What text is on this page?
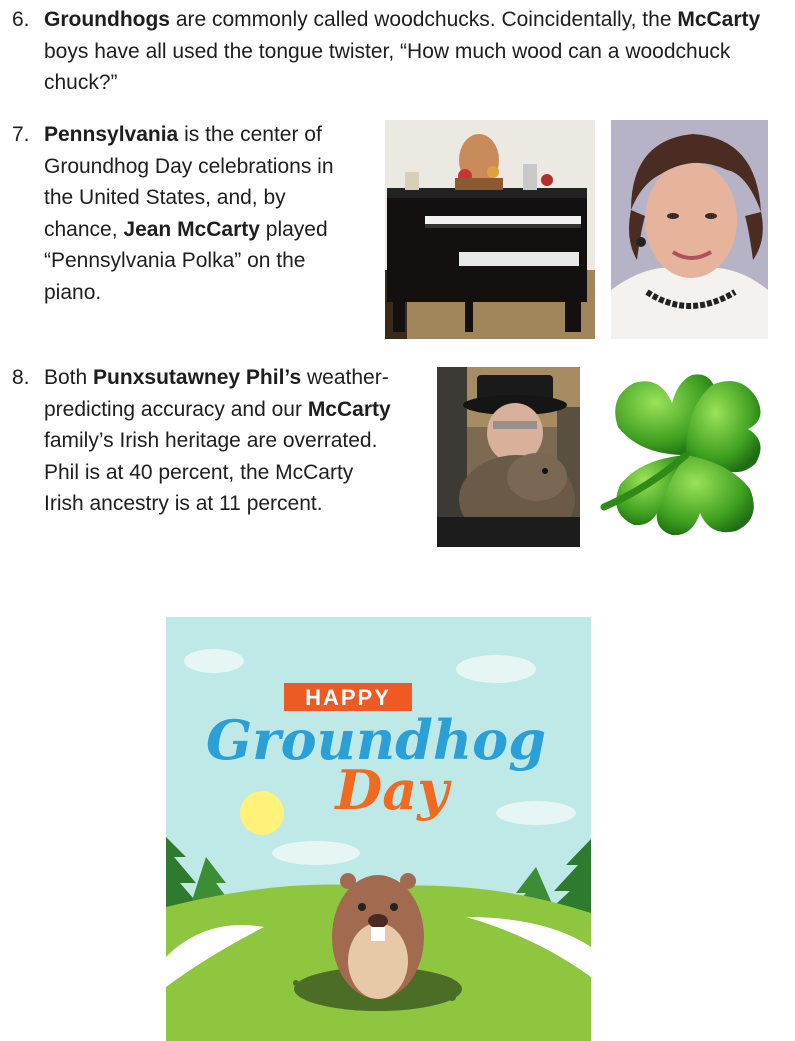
6. Groundhogs are commonly called woodchucks. Coincidentally, the McCarty boys have all used the tongue twister, “How much wood can a woodchuck chuck?”
7. Pennsylvania is the center of Groundhog Day celebrations in the United States, and, by chance, Jean McCarty played “Pennsylvania Polka” on the piano.
8. Both Punxsutawney Phil’s weather-predicting accuracy and our McCarty family’s Irish heritage are overrated. Phil is at 40 percent, the McCarty Irish ancestry is at 11 percent.
HAPPY
Groundhog
Day
